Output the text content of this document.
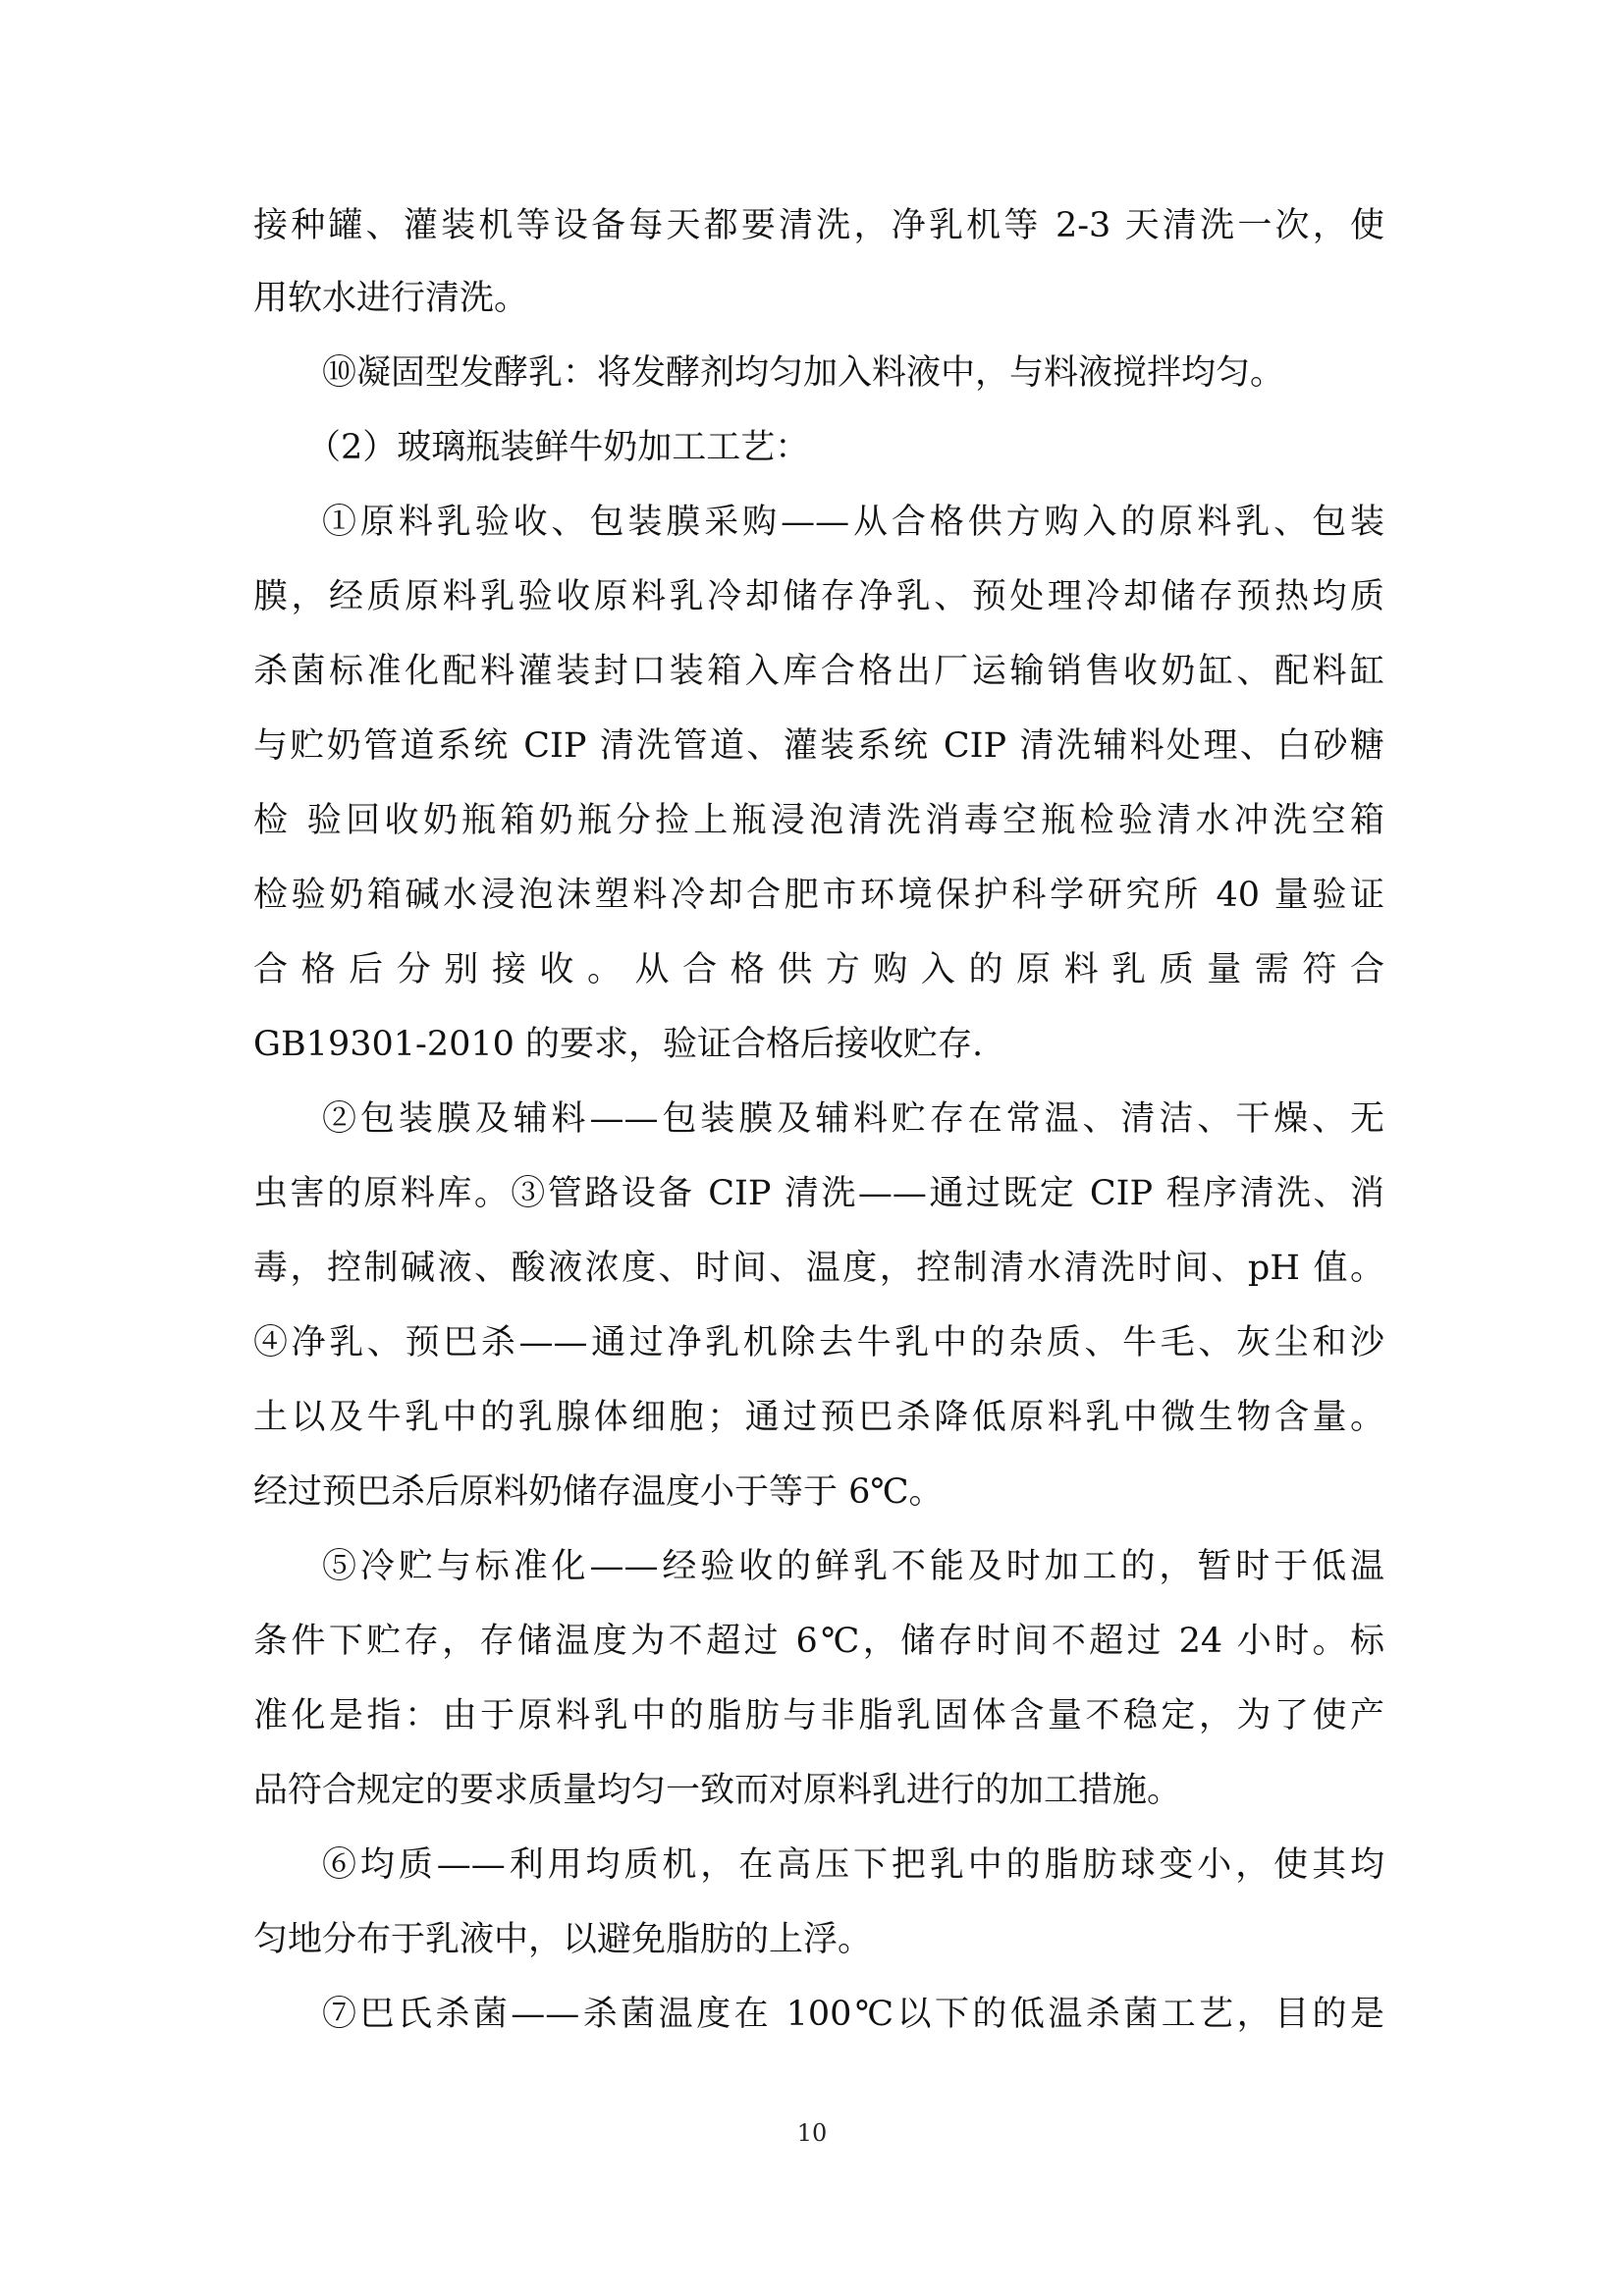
接种罐、灌装机等设备每天都要清洗，净乳机等 2-3 天清洗一次，使
用软水进行清洗。
⑩凝固型发酵乳：将发酵剂均匀加入料液中，与料液搅拌均匀。
（2）玻璃瓶装鲜牛奶加工工艺：
①原料乳验收、包装膜采购——从合格供方购入的原料乳、包装
膜，经质原料乳验收原料乳冷却储存净乳、预处理冷却储存预热均质
杀菌标准化配料灌装封口装箱入库合格出厂运输销售收奶缸、配料缸
与贮奶管道系统 CIP 清洗管道、灌装系统 CIP 清洗辅料处理、白砂糖
检 验回收奶瓶箱奶瓶分捡上瓶浸泡清洗消毒空瓶检验清水冲洗空箱
检验奶箱碱水浸泡沫塑料冷却合肥市环境保护科学研究所 40 量验证
合格后分别接收。从合格供方购入的原料乳质量需符合
GB19301-2010 的要求，验证合格后接收贮存.
②包装膜及辅料——包装膜及辅料贮存在常温、清洁、干燥、无
虫害的原料库。③管路设备 CIP 清洗——通过既定 CIP 程序清洗、消
毒，控制碱液、酸液浓度、时间、温度，控制清水清洗时间、pH 值。
④净乳、预巴杀——通过净乳机除去牛乳中的杂质、牛毛、灰尘和沙
土以及牛乳中的乳腺体细胞；通过预巴杀降低原料乳中微生物含量。
经过预巴杀后原料奶储存温度小于等于 6℃。
⑤冷贮与标准化——经验收的鲜乳不能及时加工的，暂时于低温
条件下贮存，存储温度为不超过 6℃，储存时间不超过 24 小时。标
准化是指：由于原料乳中的脂肪与非脂乳固体含量不稳定，为了使产
品符合规定的要求质量均匀一致而对原料乳进行的加工措施。
⑥均质——利用均质机，在高压下把乳中的脂肪球变小，使其均
匀地分布于乳液中，以避免脂肪的上浮。
⑦巴氏杀菌——杀菌温度在 100℃以下的低温杀菌工艺，目的是
10
